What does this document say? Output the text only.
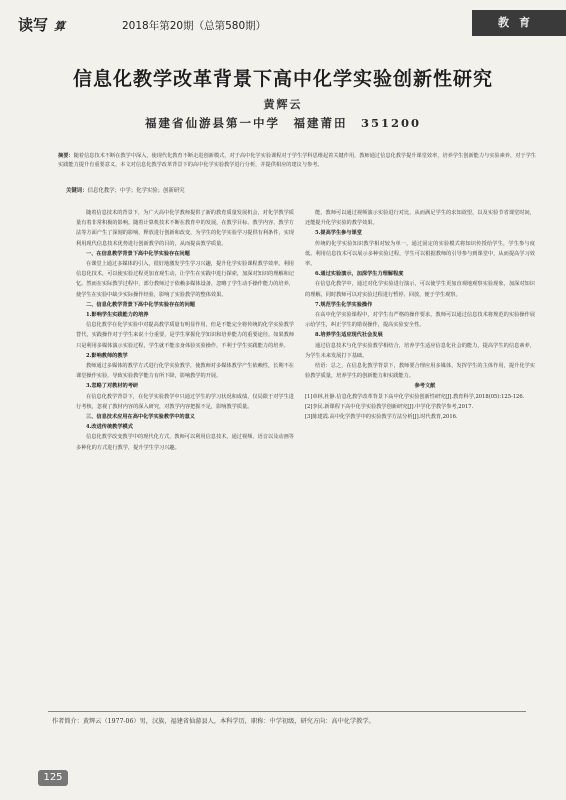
读写 算	2018年第20期（总第580期）	教育
信息化教学改革背景下高中化学实验创新性研究
黄辉云
福建省仙游县第一中学　福建莆田　351200
摘要：随着信息技术不断在教学中深入，使现代化教育不断走进创新模式，对于高中化学实验课程对于学生学科思维起着关键作用，教师通过信息化教学提升课堂效率，培养学生创新能力与实验素养，对于学生实践能力提升有重要意义，本文对信息化教学改革背景下的高中化学实验教学进行分析，并提供相应的建议与参考。
关键词：信息化教学；中学；化学实验；创新研究

随着信息技术的背景下，为广大高中化学教师提供了新的教育质量发展机会，对化学教学质量有着非常积极的影响。随着计算机技术不断在教育中的发展，在教学目标、教学内容、教学方法等方面产生了深刻的影响，释放进行创新和改变，为学生的化学实验学习提供有利条件，实现利用现代信息技术优势进行创新教学的目的，从而提高教学质量。

一、在信息教学背景下高中化学实验存在问题

在课堂上通过多媒体的引入，很好地激发学生学习兴趣，提升化学实验课程教学效率。利用信息化技术，可以使实验过程更加直观生动，让学生在实践中进行探索，加深对知识的理解和记忆。然而在实际教学过程中，部分教师过于依赖多媒体设备，忽略了学生动手操作能力的培养，使学生在实验中缺少实际操作经验，影响了实验教学的整体效果。

二、信息化教学背景下高中化学实验存在的问题

1.影响学生实践能力的培养

信息化教学在化学实验中对提高教学质量有明显作用，但是不能完全将传统的化学实验教学替代，实践操作对于学生来说十分重要，是学生掌握化学知识和培养能力的重要途径。如果教师只是利用多媒体演示实验过程，学生就不能亲身体验实验操作，不利于学生实践能力的培养。

2.影响教师的教学

教师通过多媒体的教学方式进行化学实验教学，使教师对多媒体教学产生依赖性，长期不在课堂操作实验，导致实验教学能力有所下降，影响教学的开展。

3.忽略了对教材的考研

在信息化教学背景下，在化学实验教学中只通过学生的学习状况和成绩，仅局限于对学生进行考核，忽视了教材内容的深入研究，对教学内容把握不足，影响教学质量。

三、信息技术应用在高中化学实验教学中的意义

4.改进传统教学模式

信息化教学改变教学中的现代化方式，教师可以利用信息技术，通过视频、语音以及动画等多种化的方式进行教学，提升学生学习兴趣。

能，教师可以通过视频演示实验进行对比，从而满足学生的求知欲望，以及实验节省课堂时间，还能提升化学实验的教学效果。

5.提高学生参与课堂

传统的化学实验知识教学相对较为单一，通过固定的实验模式将知识传授给学生，学生参与度低。利用信息技术可以展示多种实验过程，学生可以根据教师的引导参与到课堂中，从而提高学习效率。

6.通过实验演示，加深学生力理解程度

在信息化教学中，通过对化学实验进行演示，可以使学生更加直观地观察实验现象，加深对知识的理解，同时教师可以对实验过程进行暂停、回放，便于学生观察。

7.规范学生化学实验操作

在高中化学实验课程中，对学生有严格的操作要求，教师可以通过信息技术将规范的实验操作展示给学生，纠正学生的错误操作，提高实验安全性。

8.培养学生适应现代社会发展

通过信息技术与化学实验教学相结合，培养学生适应信息化社会的能力，提高学生的信息素养，为学生未来发展打下基础。

结语：总之，在信息化教学背景下，教师要合理应用多媒体，发挥学生的主体作用，提升化学实验教学质量，培养学生的创新能力和实践能力。

参考文献

[1]章林,杜静.信息化教学改革背景下高中化学实验创新性研究[J].教育科学,2018(05):125-126.

[2]李民.新课程下高中化学实验教学创新研究[J].中学化学教学参考,2017.

[3]陈建霞.高中化学教学中的实验教学方法分析[J].时代教育,2016.

作者简介：黄辉云（1977-06）男，汉族，福建省仙游县人，本科学历，职称：中学初级，研究方向：高中化学教学。
125
